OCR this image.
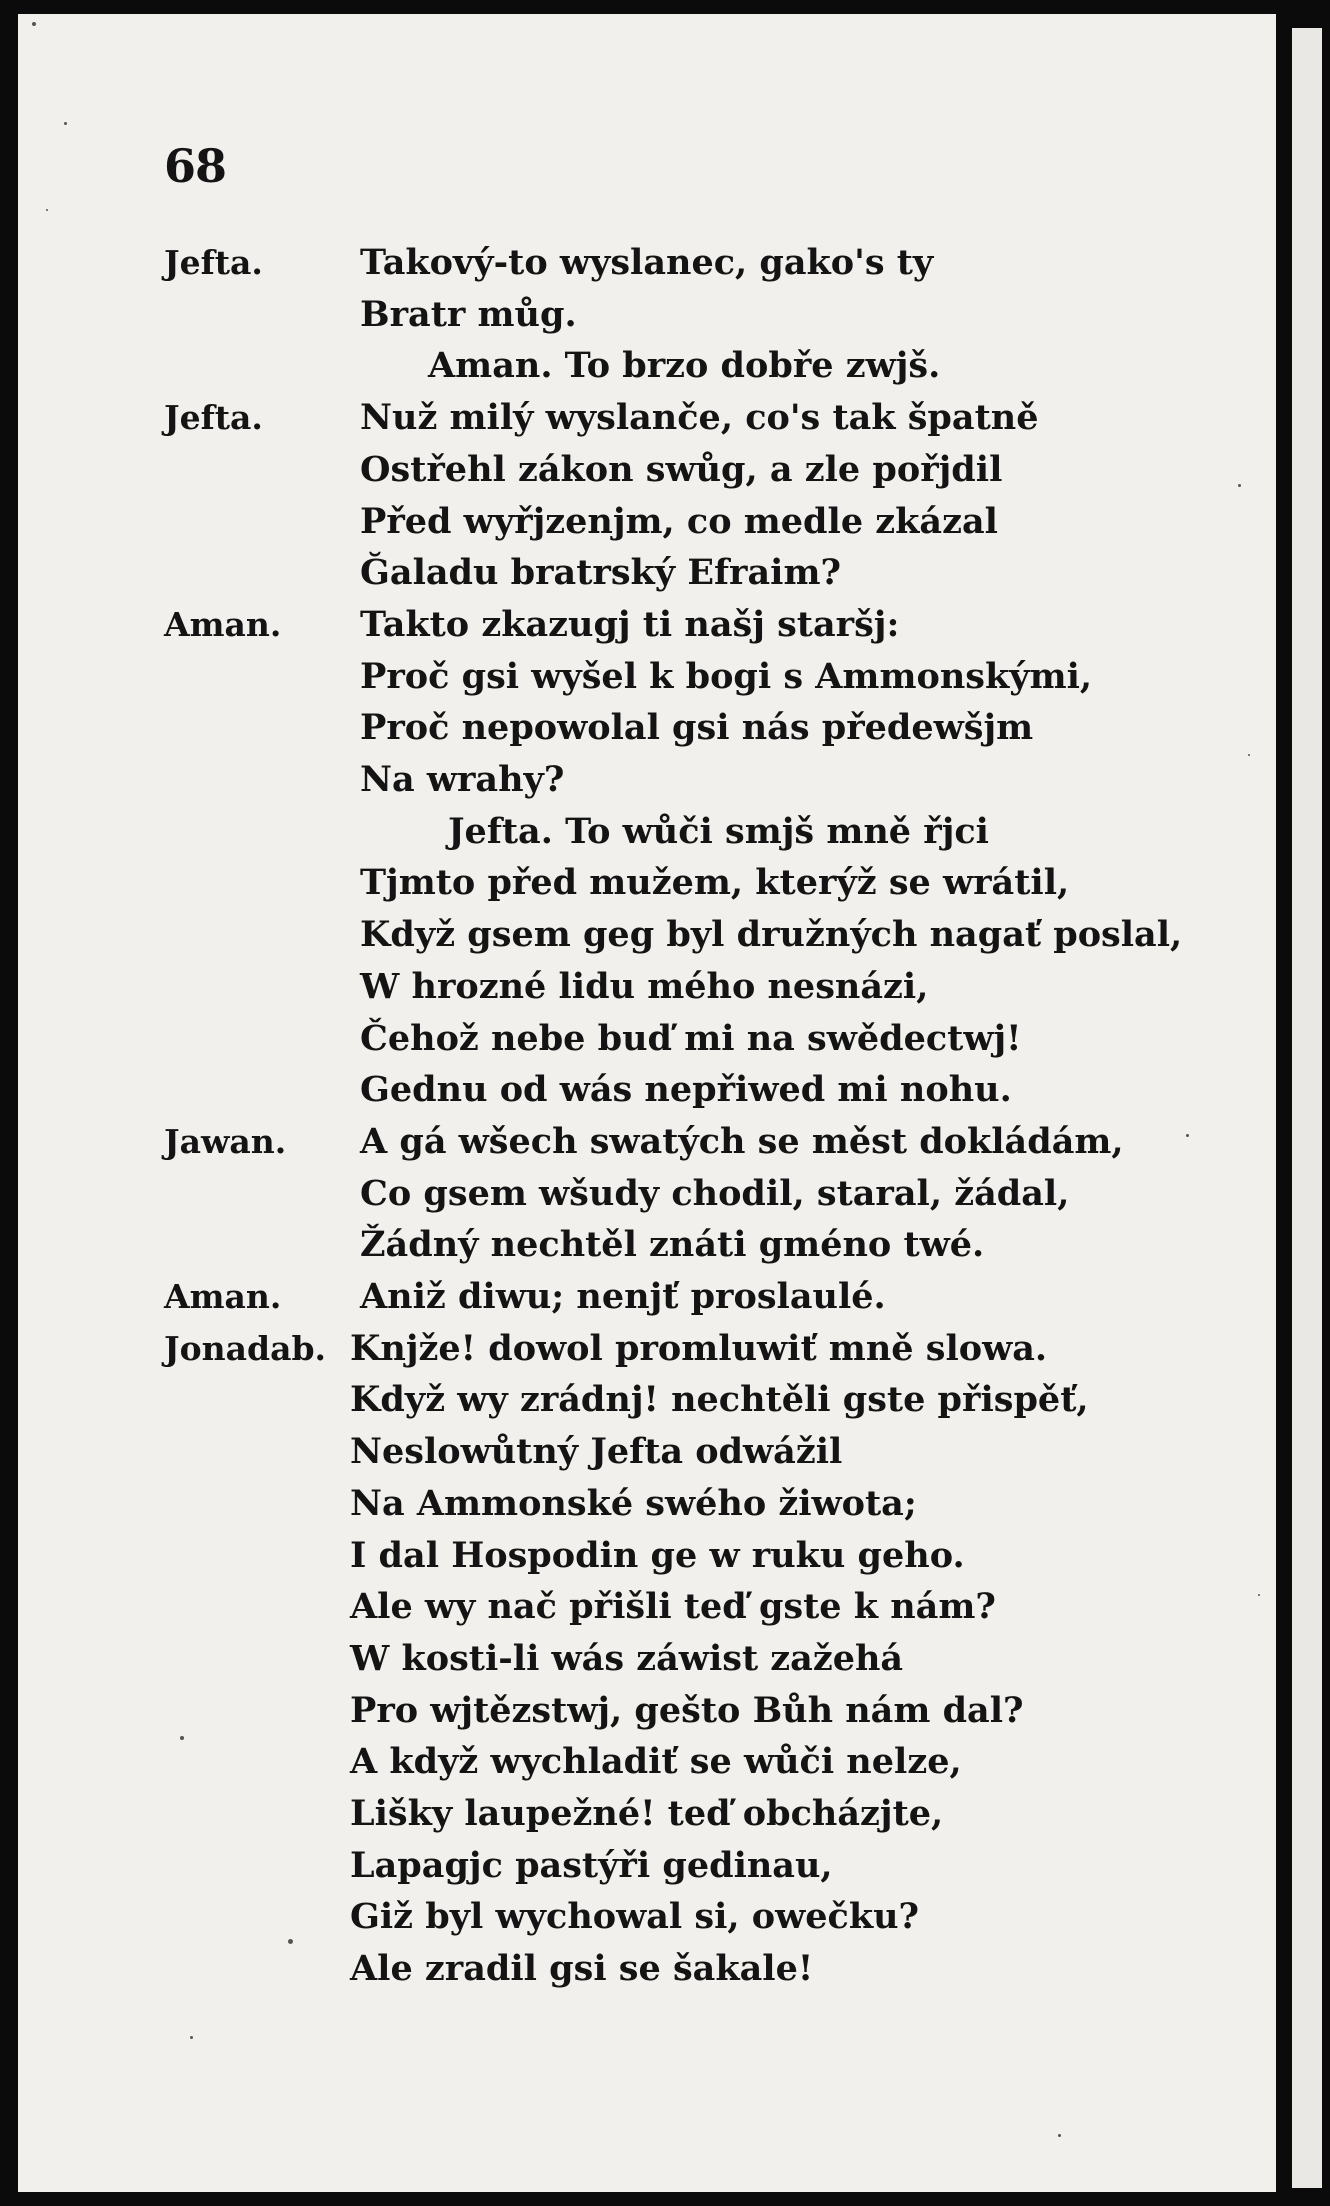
68
Jefta.	Takový-to wyslanec, gako's ty
Bratr můg.
Aman. To brzo dobře zwjš.
Jefta.	Nuž milý wyslanče, co's tak špatně
Ostřehl zákon swůg, a zle pořjdil
Před wyřjzenjm, co medle zkázal
Ğaladu bratrský Efraim?
Aman. Takto zkazugj ti našj staršj:
Proč gsi wyšel k bogi s Ammonskými,
Proč nepowolal gsi nás předewšjm
Na wrahy?
Jefta. To wůči smjš mně řjci
Tjmto před mužem, kterýž se wrátil,
Když gsem geg byl družných nagať poslal,
W hrozné lidu mého nesnázi,
Čehož nebe buď mi na swědectwj!
Gednu od wás nepřiwed mi nohu.
Jawan. A gá wšech swatých se měst dokládám,
Co gsem wšudy chodil, staral, žádal,
Žádný nechtěl znáti gméno twé.
Aman. Aniž diwu; nenjť proslaulé.
Jonadab. Knjže! dowol promluwiť mně slowa.
Když wy zrádnj! nechtěli gste přispěť,
Neslowůtný Jefta odwážil
Na Ammonské swého žiwota;
I dal Hospodin ge w ruku geho.
Ale wy nač přišli teď gste k nám?
W kosti-li wás záwist zažehá
Pro wjtězstwj, gešto Bůh nám dal?
A když wychladiť se wůči nelze,
Lišky laupežné! teď obcházjte,
Lapagjc pastýři gedinau,
Giž byl wychowal si, owečku?
Ale zradil gsi se šakale!
